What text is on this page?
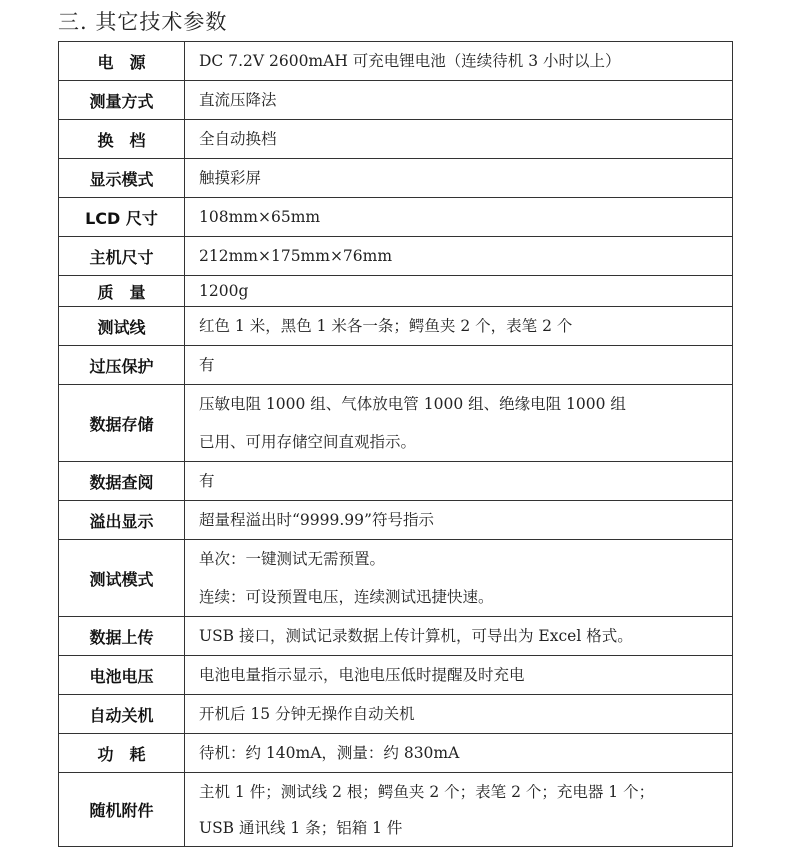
三. 其它技术参数
电　源	DC 7.2V 2600mAH 可充电锂电池（连续待机 3 小时以上）

测量方式	直流压降法

换　档	全自动换档

显示模式	触摸彩屏

LCD 尺寸	108mm×65mm

主机尺寸	212mm×175mm×76mm

质　量	1200g

测试线	红色 1 米，黑色 1 米各一条；鳄鱼夹 2 个，表笔 2 个

过压保护	有

数据存储	压敏电阻 1000 组、气体放电管 1000 组、绝缘电阻 1000 组
已用、可用存储空间直观指示。

数据查阅	有

溢出显示	超量程溢出时“9999.99”符号指示

测试模式	单次：一键测试无需预置。
连续：可设预置电压，连续测试迅捷快速。

数据上传	USB 接口，测试记录数据上传计算机，可导出为 Excel 格式。

电池电压	电池电量指示显示，电池电压低时提醒及时充电

自动关机	开机后 15 分钟无操作自动关机

功　耗	待机：约 140mA，测量：约 830mA

随机附件	主机 1 件；测试线 2 根；鳄鱼夹 2 个；表笔 2 个；充电器 1 个；
USB 通讯线 1 条；铝箱 1 件
